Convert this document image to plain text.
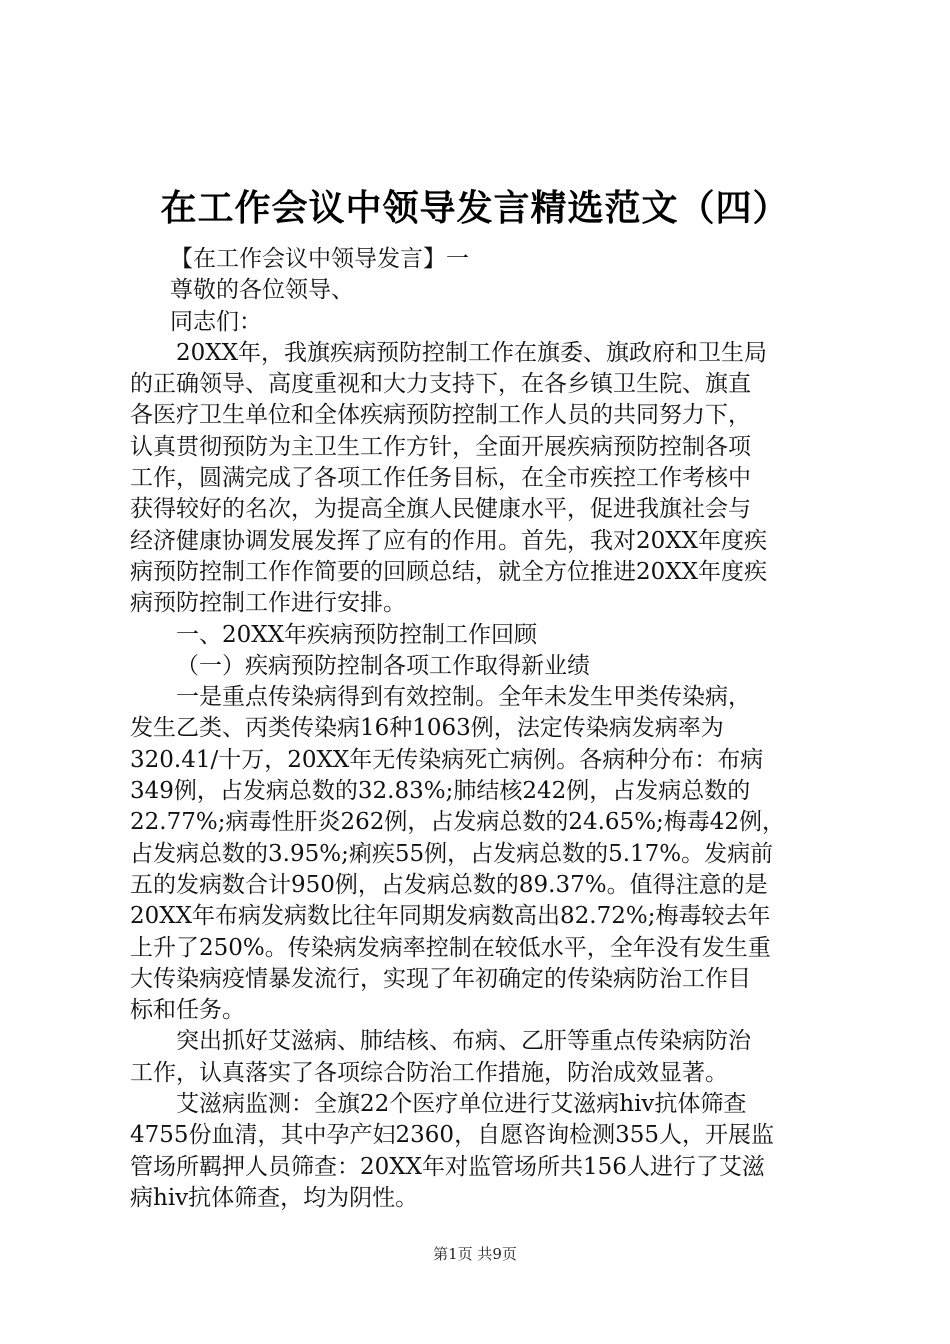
在工作会议中领导发言精选范文（四）
【在工作会议中领导发言】一
尊敬的各位领导、
同志们：
20XX年，我旗疾病预防控制工作在旗委、旗政府和卫生局
的正确领导、高度重视和大力支持下，在各乡镇卫生院、旗直
各医疗卫生单位和全体疾病预防控制工作人员的共同努力下，
认真贯彻预防为主卫生工作方针，全面开展疾病预防控制各项
工作，圆满完成了各项工作任务目标，在全市疾控工作考核中
获得较好的名次，为提高全旗人民健康水平，促进我旗社会与
经济健康协调发展发挥了应有的作用。首先，我对20XX年度疾
病预防控制工作作简要的回顾总结，就全方位推进20XX年度疾
病预防控制工作进行安排。
一、20XX年疾病预防控制工作回顾
（一）疾病预防控制各项工作取得新业绩
一是重点传染病得到有效控制。全年未发生甲类传染病，
发生乙类、丙类传染病16种1063例，法定传染病发病率为
320.41/十万，20XX年无传染病死亡病例。各病种分布：布病
349例，占发病总数的32.83%;肺结核242例，占发病总数的
22.77%;病毒性肝炎262例，占发病总数的24.65%;梅毒42例，
占发病总数的3.95%;痢疾55例，占发病总数的5.17%。发病前
五的发病数合计950例，占发病总数的89.37%。值得注意的是
20XX年布病发病数比往年同期发病数高出82.72%;梅毒较去年
上升了250%。传染病发病率控制在较低水平，全年没有发生重
大传染病疫情暴发流行，实现了年初确定的传染病防治工作目
标和任务。
突出抓好艾滋病、肺结核、布病、乙肝等重点传染病防治
工作，认真落实了各项综合防治工作措施，防治成效显著。
艾滋病监测：全旗22个医疗单位进行艾滋病hiv抗体筛查
4755份血清，其中孕产妇2360，自愿咨询检测355人，开展监
管场所羁押人员筛查：20XX年对监管场所共156人进行了艾滋
病hiv抗体筛查，均为阴性。
第1页 共9页
